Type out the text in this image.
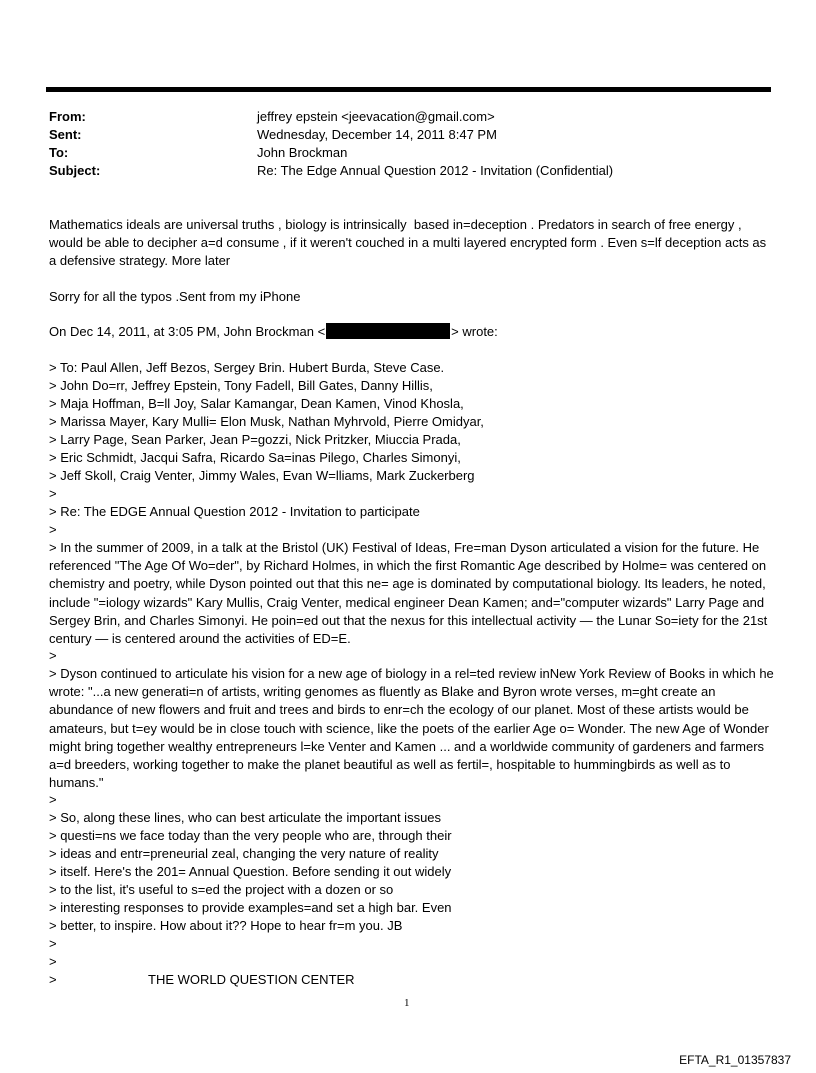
From:	jeffrey epstein <jeevacation@gmail.com>
Sent:	Wednesday, December 14, 2011 8:47 PM
To:	John Brockman
Subject:	Re: The Edge Annual Question 2012 - Invitation (Confidential)
Mathematics ideals are universal truths , biology is intrinsically  based in=deception . Predators in search of free energy , would be able to decipher a=d consume , if it weren't couched in a multi layered encrypted form . Even s=lf deception acts as a defensive strategy. More later
Sorry for all the typos .Sent from my iPhone
On Dec 14, 2011, at 3:05 PM, John Brockman <	> wrote:
> To: Paul Allen, Jeff Bezos, Sergey Brin. Hubert Burda, Steve Case.
> John Do=rr, Jeffrey Epstein, Tony Fadell, Bill Gates, Danny Hillis,
> Maja Hoffman, B=ll Joy, Salar Kamangar, Dean Kamen, Vinod Khosla,
> Marissa Mayer, Kary Mulli= Elon Musk, Nathan Myhrvold, Pierre Omidyar,
> Larry Page, Sean Parker, Jean P=gozzi, Nick Pritzker, Miuccia Prada,
> Eric Schmidt, Jacqui Safra, Ricardo Sa=inas Pilego, Charles Simonyi,
> Jeff Skoll, Craig Venter, Jimmy Wales, Evan W=lliams, Mark Zuckerberg
>
> Re: The EDGE Annual Question 2012 - Invitation to participate
>
> In the summer of 2009, in a talk at the Bristol (UK) Festival of Ideas, Fre=man Dyson articulated a vision for the future. He referenced "The Age Of Wo=der", by Richard Holmes, in which the first Romantic Age described by Holme= was centered on chemistry and poetry, while Dyson pointed out that this ne= age is dominated by computational biology. Its leaders, he noted, include "=iology wizards" Kary Mullis, Craig Venter, medical engineer Dean Kamen; and="computer wizards" Larry Page and Sergey Brin, and Charles Simonyi. He poin=ed out that the nexus for this intellectual activity — the Lunar So=iety for the 21st century — is centered around the activities of ED=E.
>
> Dyson continued to articulate his vision for a new age of biology in a rel=ted review inNew York Review of Books in which he wrote: "...a new generati=n of artists, writing genomes as fluently as Blake and Byron wrote verses, m=ght create an abundance of new flowers and fruit and trees and birds to enr=ch the ecology of our planet. Most of these artists would be amateurs, but t=ey would be in close touch with science, like the poets of the earlier Age o= Wonder. The new Age of Wonder might bring together wealthy entrepreneurs l=ke Venter and Kamen ... and a worldwide community of gardeners and farmers a=d breeders, working together to make the planet beautiful as well as fertil=, hospitable to hummingbirds as well as to humans."
>
> So, along these lines, who can best articulate the important issues
> questi=ns we face today than the very people who are, through their
> ideas and entr=preneurial zeal, changing the very nature of reality
> itself. Here's the 201= Annual Question. Before sending it out widely
> to the list, it's useful to s=ed the project with a dozen or so
> interesting responses to provide examples=and set a high bar. Even
> better, to inspire. How about it?? Hope to hear fr=m you. JB
>
>
>	THE WORLD QUESTION CENTER
1
EFTA_R1_01357837
